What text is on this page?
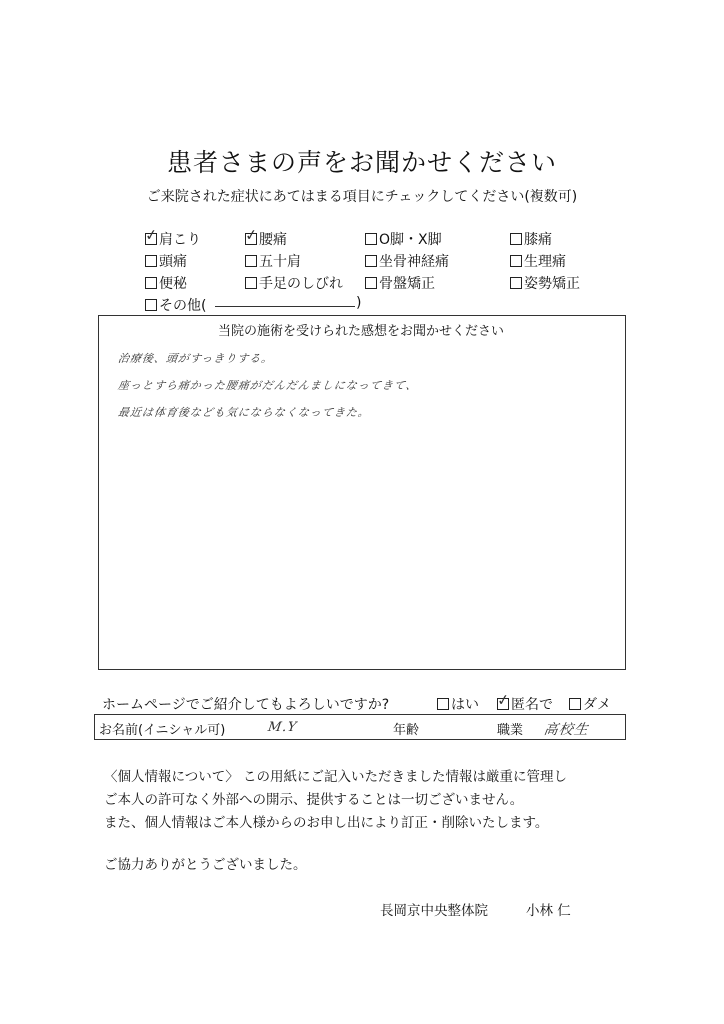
患者さまの声をお聞かせください
ご来院された症状にあてはまる項目にチェックしてください(複数可)
✓ 肩こり	✓ 腰痛	O脚・X脚	膝痛
頭痛	五十肩	坐骨神経痛	生理痛
便秘	手足のしびれ	骨盤矯正	姿勢矯正
その他(	)
当院の施術を受けられた感想をお聞かせください
治療後、頭がすっきりする。
座っとすら痛かった腰痛がだんだんましになってきて、
最近は体育後なども気にならなくなってきた。
ホームページでご紹介してもよろしいですか?	はい ✓ 匿名で	ダメ
お名前(イニシャル可)	M.Y	年齢	職業 高校生
〈個人情報について〉 この用紙にご記入いただきました情報は厳重に管理し
ご本人の許可なく外部への開示、提供することは一切ございません。
また、個人情報はご本人様からのお申し出により訂正・削除いたします。
ご協力ありがとうございました。
長岡京中央整体院	小林 仁
